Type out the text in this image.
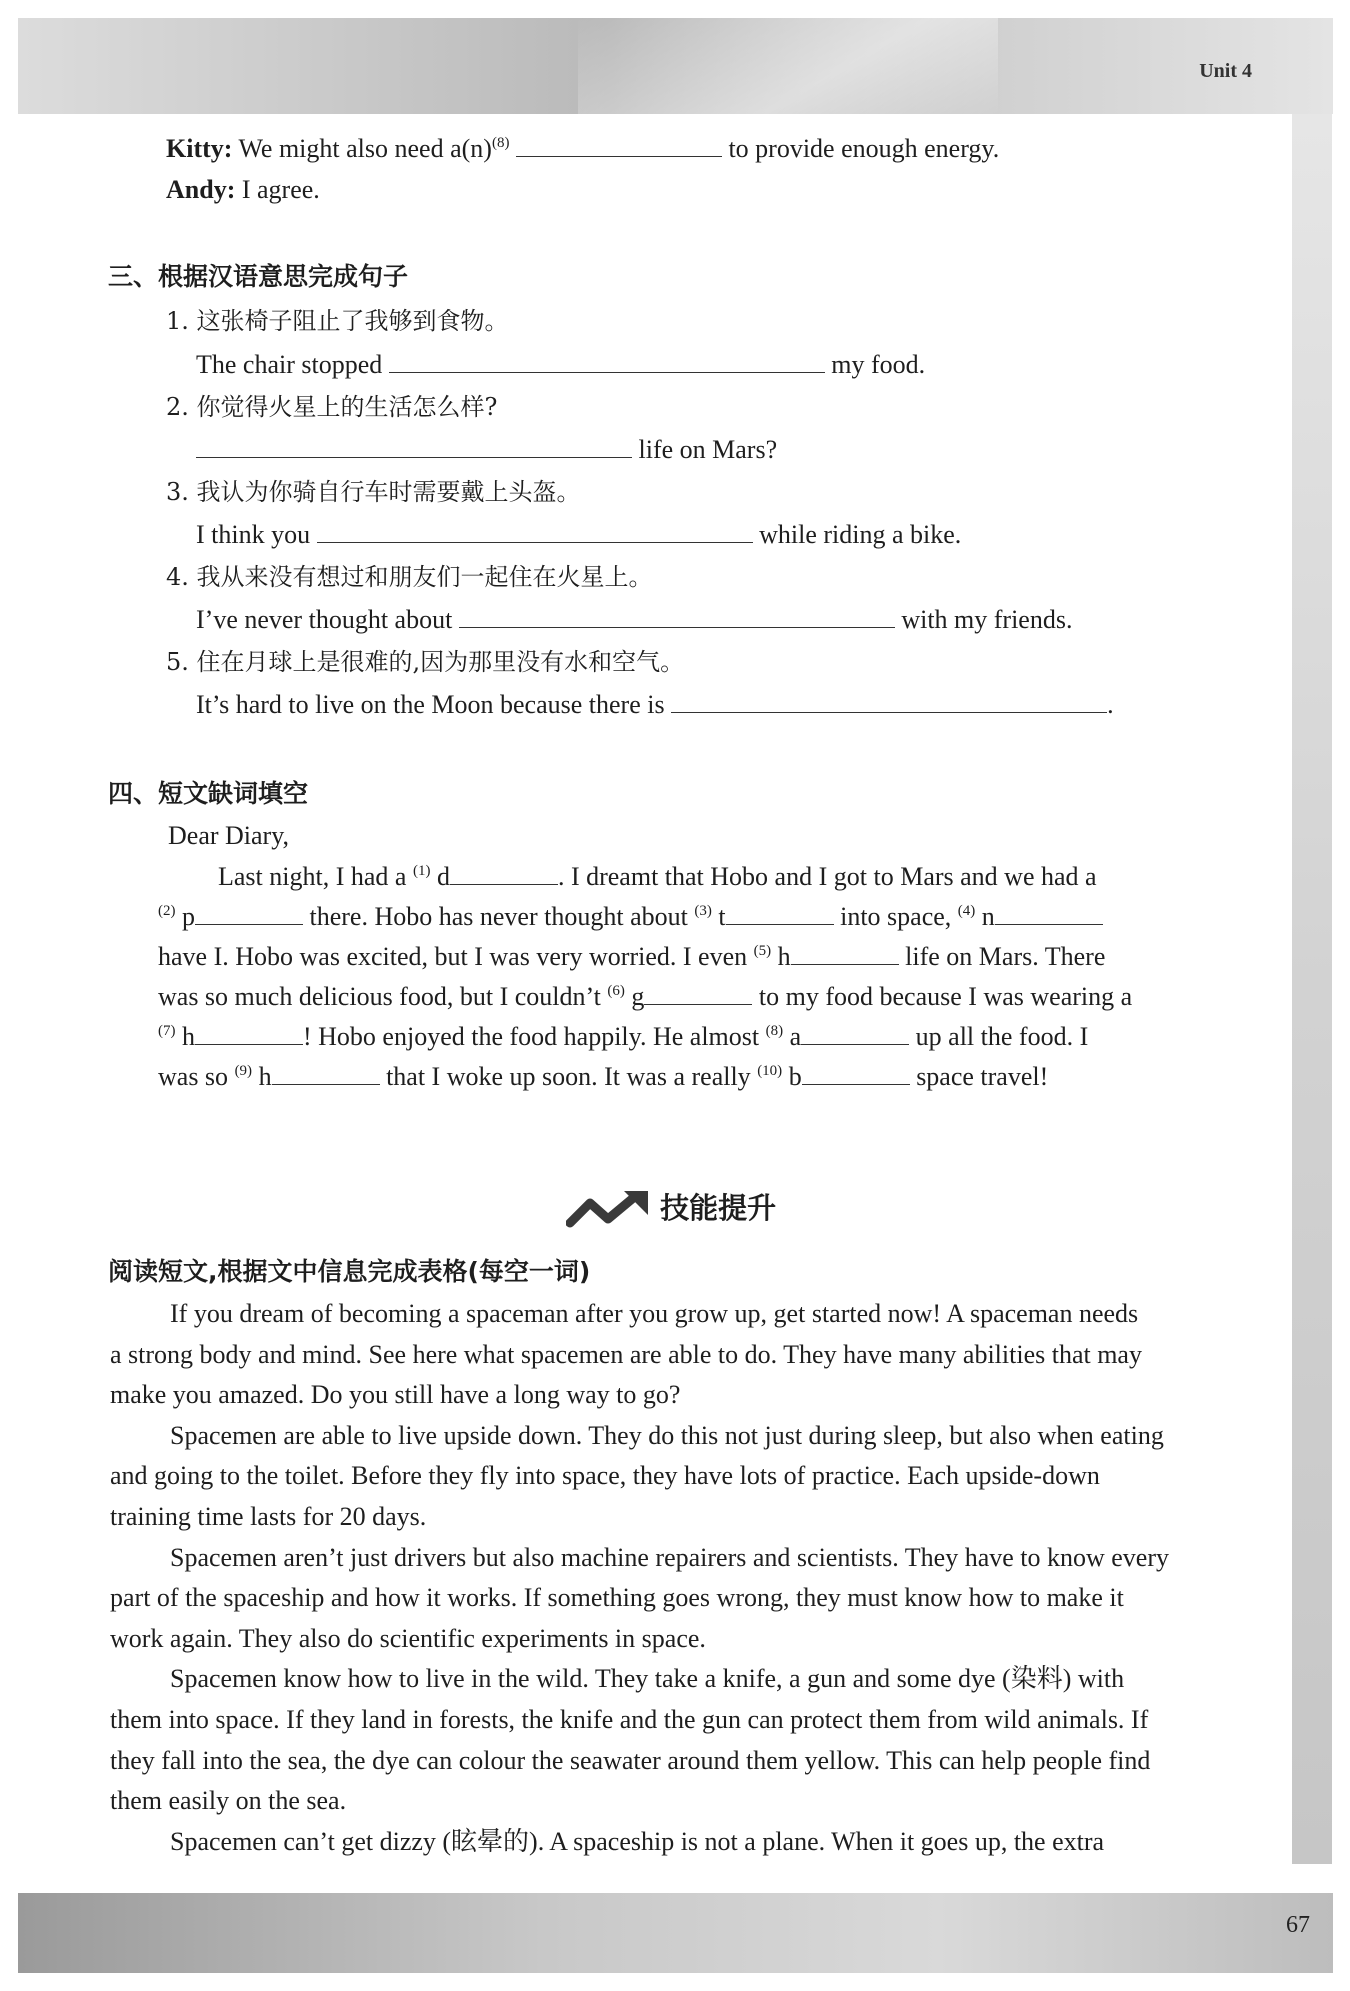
Unit 4
67
Kitty: We might also need $a(n)^{(8)}$	to provide enough energy.
Andy: I agree.
三、根据汉语意思完成句子
1. 这张椅子阻止了我够到食物。
The chair stopped	my food.
2. 你觉得火星上的生活怎么样?
life on Mars?
3. 我认为你骑自行车时需要戴上头盔。
I think you	while riding a bike.
4. 我从来没有想过和朋友们一起住在火星上。
I’ve never thought about	with my friends.
5. 住在月球上是很难的,因为那里没有水和空气。
It’s hard to live on the Moon because there is	.
四、短文缺词填空
Dear Diary,
Last night, I had a $^{(1)}$ d	. I dreamt that Hobo and I got to Mars and we had a
$^{(2)}$ p	there. Hobo has never thought about $^{(3)}$ t	into space, $^{(4)}$ n
have I. Hobo was excited, but I was very worried. I even $^{(5)}$ h	life on Mars. There
was so much delicious food, but I couldn’t $^{(6)}$ g	to my food because I was wearing a
$^{(7)}$ h	! Hobo enjoyed the food happily. He almost $^{(8)}$ a	up all the food. I
was so $^{(9)}$ h	that I woke up soon. It was a really $^{(10)}$ b	space travel!
技能提升
阅读短文,根据文中信息完成表格(每空一词)
If you dream of becoming a spaceman after you grow up, get started now! A spaceman needs
a strong body and mind. See here what spacemen are able to do. They have many abilities that may
make you amazed. Do you still have a long way to go?
Spacemen are able to live upside down. They do this not just during sleep, but also when eating
and going to the toilet. Before they fly into space, they have lots of practice. Each upside-down
training time lasts for 20 days.
Spacemen aren’t just drivers but also machine repairers and scientists. They have to know every
part of the spaceship and how it works. If something goes wrong, they must know how to make it
work again. They also do scientific experiments in space.
Spacemen know how to live in the wild. They take a knife, a gun and some dye (染料) with
them into space. If they land in forests, the knife and the gun can protect them from wild animals. If
they fall into the sea, the dye can colour the seawater around them yellow. This can help people find
them easily on the sea.
Spacemen can’t get dizzy (眩晕的). A spaceship is not a plane. When it goes up, the extra
